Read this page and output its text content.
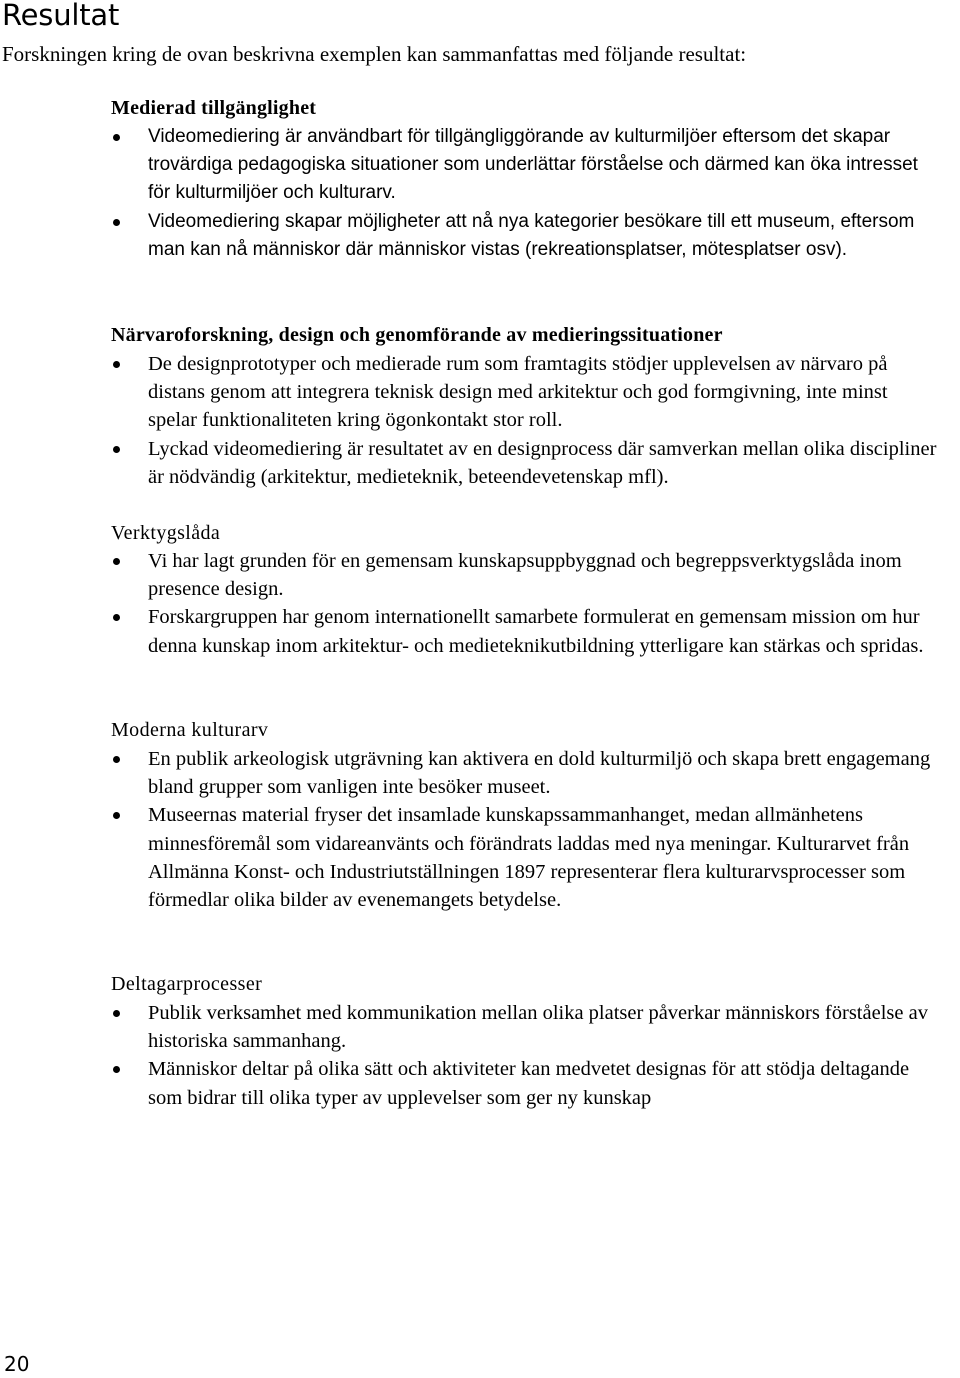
Resultat

Forskningen kring de ovan beskrivna exemplen kan sammanfattas med följande resultat:

Medierad tillgänglighet
Videomediering är användbart för tillgängliggörande av kulturmiljöer eftersom det skapar trovärdiga pedagogiska situationer som underlättar förståelse och därmed kan öka intresset för kulturmiljöer och kulturarv.
Videomediering skapar möjligheter att nå nya kategorier besökare till ett museum, eftersom man kan nå människor där människor vistas (rekreationsplatser, mötesplatser osv).
Närvaroforskning, design och genomförande av medieringssituationer
De designprototyper och medierade rum som framtagits stödjer upplevelsen av närvaro på distans genom att integrera teknisk design med arkitektur och god formgivning, inte minst spelar funktionaliteten kring ögonkontakt stor roll.
Lyckad videomediering är resultatet av en designprocess där samverkan mellan olika discipliner är nödvändig (arkitektur, medieteknik, beteendevetenskap mfl).
Verktygslåda
Vi har lagt grunden för en gemensam kunskapsuppbyggnad och begreppsverktygslåda inom presence design.
Forskargruppen har genom internationellt samarbete formulerat en gemensam mission om hur denna kunskap inom arkitektur- och medieteknikutbildning ytterligare kan stärkas och spridas.
Moderna kulturarv
En publik arkeologisk utgrävning kan aktivera en dold kulturmiljö och skapa brett engagemang bland grupper som vanligen inte besöker museet.
Museernas material fryser det insamlade kunskapssammanhanget, medan allmänhetens minnesföremål som vidareanvänts och förändrats laddas med nya meningar. Kulturarvet från Allmänna Konst- och Industriutställningen 1897 representerar flera kulturarvsprocesser som förmedlar olika bilder av evenemangets betydelse.
Deltagarprocesser
Publik verksamhet med kommunikation mellan olika platser påverkar människors förståelse av historiska sammanhang.
Människor deltar på olika sätt och aktiviteter kan medvetet designas för att stödja deltagande som bidrar till olika typer av upplevelser som ger ny kunskap

20
